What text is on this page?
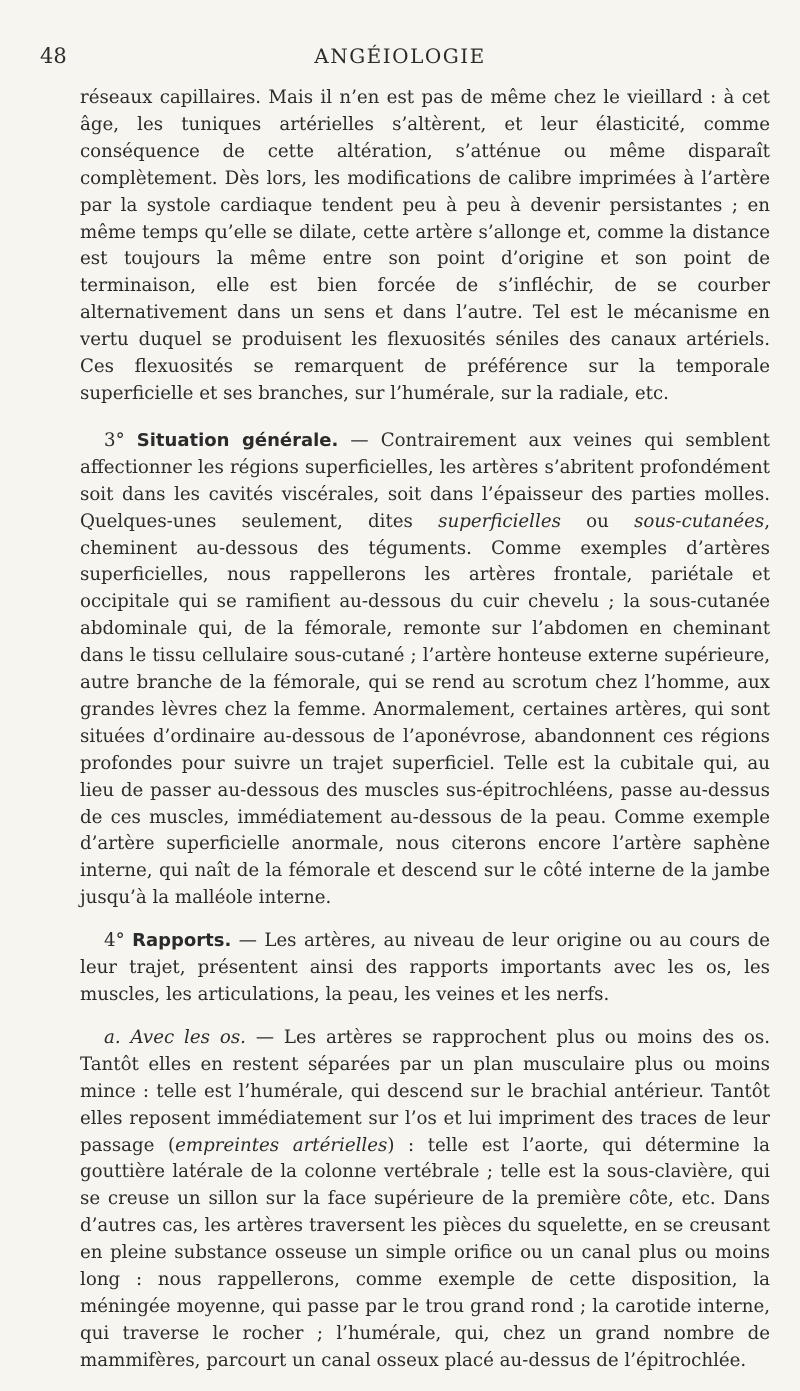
48	ANGÉIOLOGIE

réseaux capillaires. Mais il n’en est pas de même chez le vieillard : à cet âge, les tuniques artérielles s’altèrent, et leur élasticité, comme conséquence de cette altération, s’atténue ou même disparaît complètement. Dès lors, les modifications de calibre imprimées à l’artère par la systole cardiaque tendent peu à peu à devenir persistantes ; en même temps qu’elle se dilate, cette artère s’allonge et, comme la distance est toujours la même entre son point d’origine et son point de terminaison, elle est bien forcée de s’infléchir, de se courber alternativement dans un sens et dans l’autre. Tel est le mécanisme en vertu duquel se produisent les flexuosités séniles des canaux artériels. Ces flexuosités se remarquent de préférence sur la temporale superficielle et ses branches, sur l’humérale, sur la radiale, etc.

3° Situation générale. — Contrairement aux veines qui semblent affectionner les régions superficielles, les artères s’abritent profondément soit dans les cavités viscérales, soit dans l’épaisseur des parties molles. Quelques-unes seulement, dites superficielles ou sous-cutanées, cheminent au-dessous des téguments. Comme exemples d’artères superficielles, nous rappellerons les artères frontale, pariétale et occipitale qui se ramifient au-dessous du cuir chevelu ; la sous-cutanée abdominale qui, de la fémorale, remonte sur l’abdomen en cheminant dans le tissu cellulaire sous-cutané ; l’artère honteuse externe supérieure, autre branche de la fémorale, qui se rend au scrotum chez l’homme, aux grandes lèvres chez la femme. Anormalement, certaines artères, qui sont situées d’ordinaire au-dessous de l’aponévrose, abandonnent ces régions profondes pour suivre un trajet superficiel. Telle est la cubitale qui, au lieu de passer au-dessous des muscles sus-épitrochléens, passe au-dessus de ces muscles, immédiatement au-dessous de la peau. Comme exemple d’artère superficielle anormale, nous citerons encore l’artère saphène interne, qui naît de la fémorale et descend sur le côté interne de la jambe jusqu’à la malléole interne.

4° Rapports. — Les artères, au niveau de leur origine ou au cours de leur trajet, présentent ainsi des rapports importants avec les os, les muscles, les articulations, la peau, les veines et les nerfs.

a. Avec les os. — Les artères se rapprochent plus ou moins des os. Tantôt elles en restent séparées par un plan musculaire plus ou moins mince : telle est l’humérale, qui descend sur le brachial antérieur. Tantôt elles reposent immédiatement sur l’os et lui impriment des traces de leur passage (empreintes artérielles) : telle est l’aorte, qui détermine la gouttière latérale de la colonne vertébrale ; telle est la sous-clavière, qui se creuse un sillon sur la face supérieure de la première côte, etc. Dans d’autres cas, les artères traversent les pièces du squelette, en se creusant en pleine substance osseuse un simple orifice ou un canal plus ou moins long : nous rappellerons, comme exemple de cette disposition, la méningée moyenne, qui passe par le trou grand rond ; la carotide interne, qui traverse le rocher ; l’humérale, qui, chez un grand nombre de mammifères, parcourt un canal osseux placé au-dessus de l’épitrochlée.
